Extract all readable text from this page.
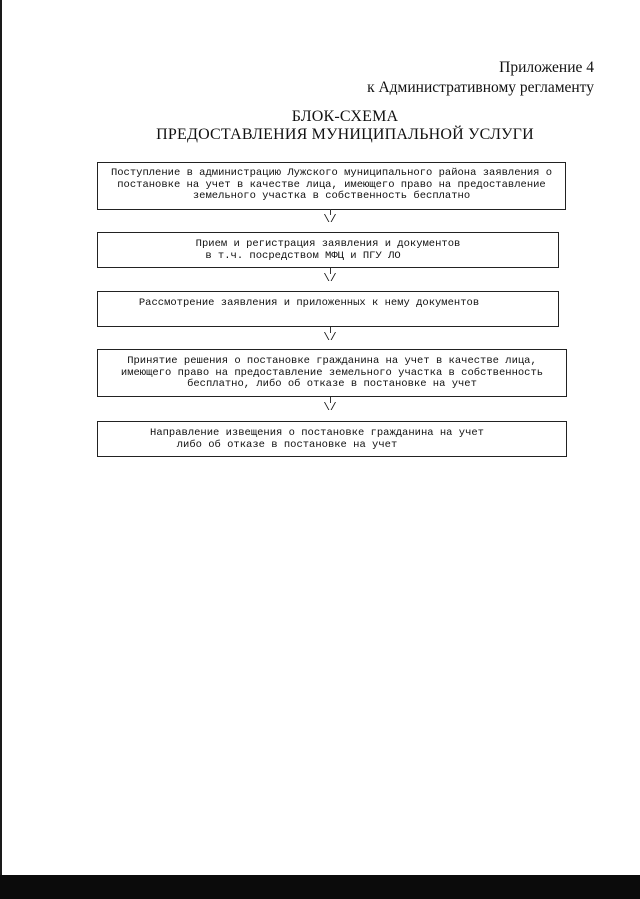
Приложение 4
к Административному регламенту
БЛОК-СХЕМА
ПРЕДОСТАВЛЕНИЯ МУНИЦИПАЛЬНОЙ УСЛУГИ
Поступление в администрацию Лужского муниципального района заявления о
постановке на учет в качестве лица, имеющего право на предоставление
земельного участка в собственность бесплатно
\/
Прием и регистрация заявления и документов
в т.ч. посредством МФЦ и ПГУ ЛО
\/
Рассмотрение заявления и приложенных к нему документов
\/
Принятие решения о постановке гражданина на учет в качестве лица,
имеющего право на предоставление земельного участка в собственность
бесплатно, либо об отказе в постановке на учет
\/
Направление извещения о постановке гражданина на учет
либо об отказе в постановке на учет
